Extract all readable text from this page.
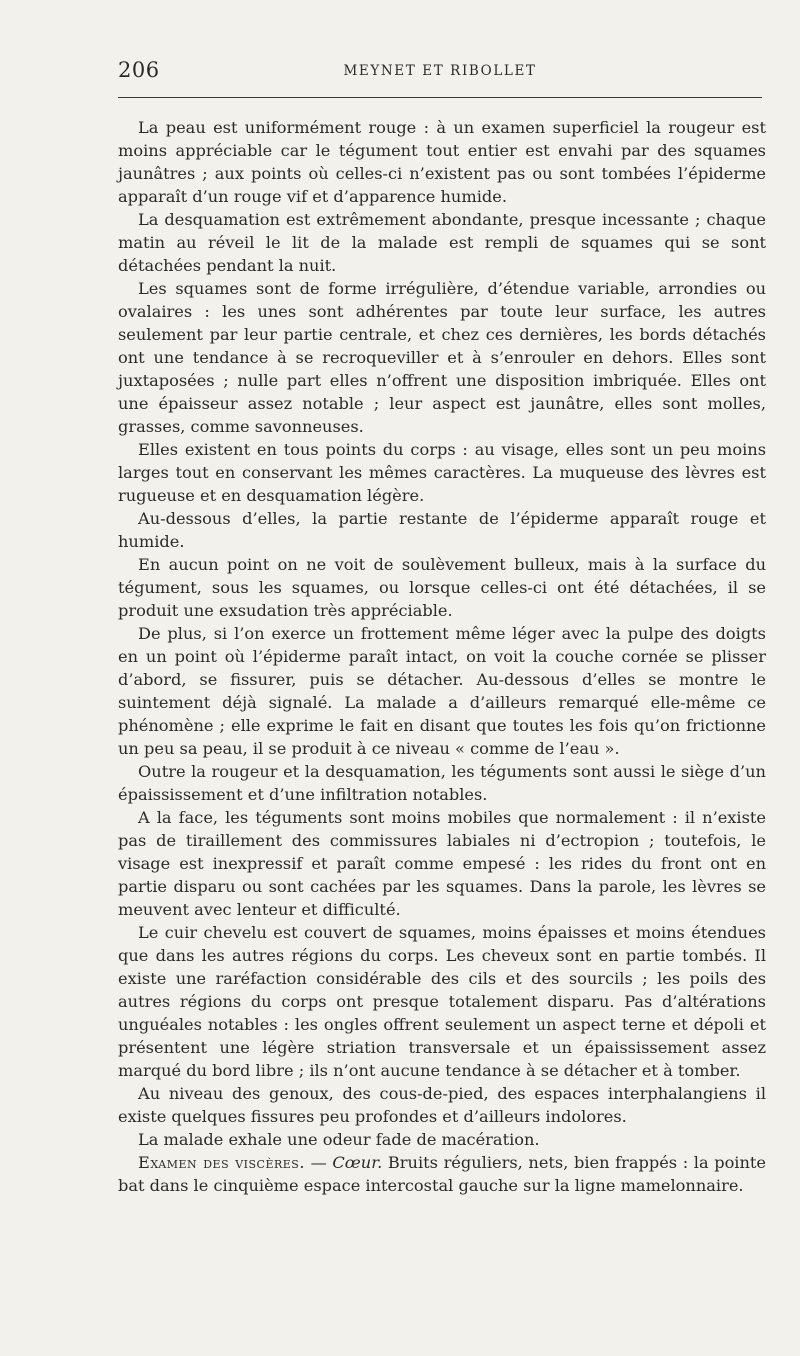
206	MEYNET ET RIBOLLET

La peau est uniformément rouge : à un examen superficiel la rougeur est moins appréciable car le tégument tout entier est envahi par des squames jaunâtres ; aux points où celles-ci n’existent pas ou sont tombées l’épiderme apparaît d’un rouge vif et d’apparence humide.

La desquamation est extrêmement abondante, presque incessante ; chaque matin au réveil le lit de la malade est rempli de squames qui se sont détachées pendant la nuit.

Les squames sont de forme irrégulière, d’étendue variable, arrondies ou ovalaires : les unes sont adhérentes par toute leur surface, les autres seulement par leur partie centrale, et chez ces dernières, les bords détachés ont une tendance à se recroqueviller et à s’enrouler en dehors. Elles sont juxtaposées ; nulle part elles n’offrent une disposition imbriquée. Elles ont une épaisseur assez notable ; leur aspect est jaunâtre, elles sont molles, grasses, comme savonneuses.

Elles existent en tous points du corps : au visage, elles sont un peu moins larges tout en conservant les mêmes caractères. La muqueuse des lèvres est rugueuse et en desquamation légère.

Au-dessous d’elles, la partie restante de l’épiderme apparaît rouge et humide.

En aucun point on ne voit de soulèvement bulleux, mais à la surface du tégument, sous les squames, ou lorsque celles-ci ont été détachées, il se produit une exsudation très appréciable.

De plus, si l’on exerce un frottement même léger avec la pulpe des doigts en un point où l’épiderme paraît intact, on voit la couche cornée se plisser d’abord, se fissurer, puis se détacher. Au-dessous d’elles se montre le suintement déjà signalé. La malade a d’ailleurs remarqué elle-même ce phénomène ; elle exprime le fait en disant que toutes les fois qu’on frictionne un peu sa peau, il se produit à ce niveau « comme de l’eau ».

Outre la rougeur et la desquamation, les téguments sont aussi le siège d’un épaississement et d’une infiltration notables.

A la face, les téguments sont moins mobiles que normalement : il n’existe pas de tiraillement des commissures labiales ni d’ectropion ; toutefois, le visage est inexpressif et paraît comme empesé : les rides du front ont en partie disparu ou sont cachées par les squames. Dans la parole, les lèvres se meuvent avec lenteur et difficulté.

Le cuir chevelu est couvert de squames, moins épaisses et moins étendues que dans les autres régions du corps. Les cheveux sont en partie tombés. Il existe une raréfaction considérable des cils et des sourcils ; les poils des autres régions du corps ont presque totalement disparu. Pas d’altérations unguéales notables : les ongles offrent seulement un aspect terne et dépoli et présentent une légère striation transversale et un épaississement assez marqué du bord libre ; ils n’ont aucune tendance à se détacher et à tomber.

Au niveau des genoux, des cous-de-pied, des espaces interphalangiens il existe quelques fissures peu profondes et d’ailleurs indolores.

La malade exhale une odeur fade de macération.

Examen des viscères. — Cœur. Bruits réguliers, nets, bien frappés : la pointe bat dans le cinquième espace intercostal gauche sur la ligne mamelonnaire.
